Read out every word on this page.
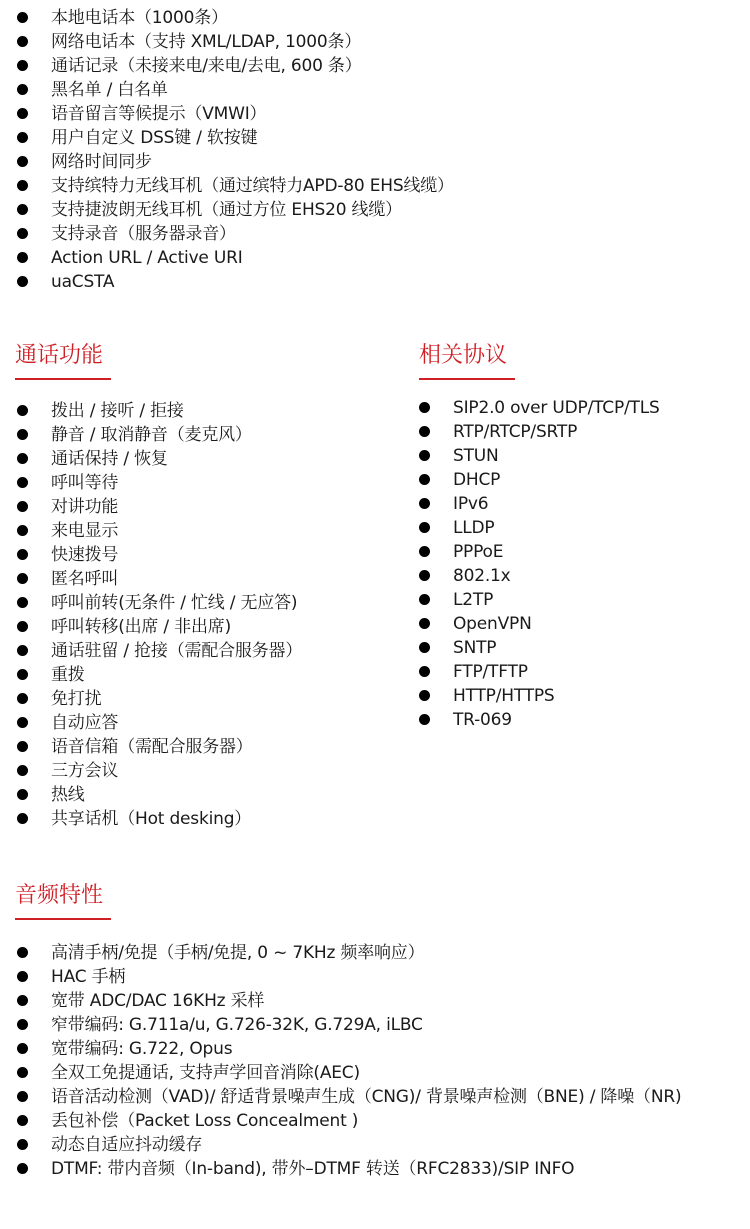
本地电话本（1000条）
网络电话本（支持 XML/LDAP, 1000条）
通话记录（未接来电/来电/去电, 600 条）
黑名单 / 白名单
语音留言等候提示（VMWI）
用户自定义 DSS键 / 软按键
网络时间同步
支持缤特力无线耳机（通过缤特力APD-80 EHS线缆）
支持捷波朗无线耳机（通过方位 EHS20 线缆）
支持录音（服务器录音）
Action URL / Active URI
uaCSTA
通话功能
拨出 / 接听 / 拒接
静音 / 取消静音（麦克风）
通话保持 / 恢复
呼叫等待
对讲功能
来电显示
快速拨号
匿名呼叫
呼叫前转(无条件 / 忙线 / 无应答)
呼叫转移(出席 / 非出席)
通话驻留 / 抢接（需配合服务器）
重拨
免打扰
自动应答
语音信箱（需配合服务器）
三方会议
热线
共享话机（Hot desking）
相关协议
SIP2.0 over UDP/TCP/TLS
RTP/RTCP/SRTP
STUN
DHCP
IPv6
LLDP
PPPoE
802.1x
L2TP
OpenVPN
SNTP
FTP/TFTP
HTTP/HTTPS
TR-069
音频特性
高清手柄/免提（手柄/免提, 0 ~ 7KHz 频率响应）
HAC 手柄
宽带 ADC/DAC 16KHz 采样
窄带编码: G.711a/u, G.726-32K, G.729A, iLBC
宽带编码: G.722, Opus
全双工免提通话, 支持声学回音消除(AEC)
语音活动检测（VAD)/ 舒适背景噪声生成（CNG)/ 背景噪声检测（BNE) / 降噪（NR)
丢包补偿（Packet Loss Concealment )
动态自适应抖动缓存
DTMF: 带内音频（In-band), 带外–DTMF 转送（RFC2833)/SIP INFO
